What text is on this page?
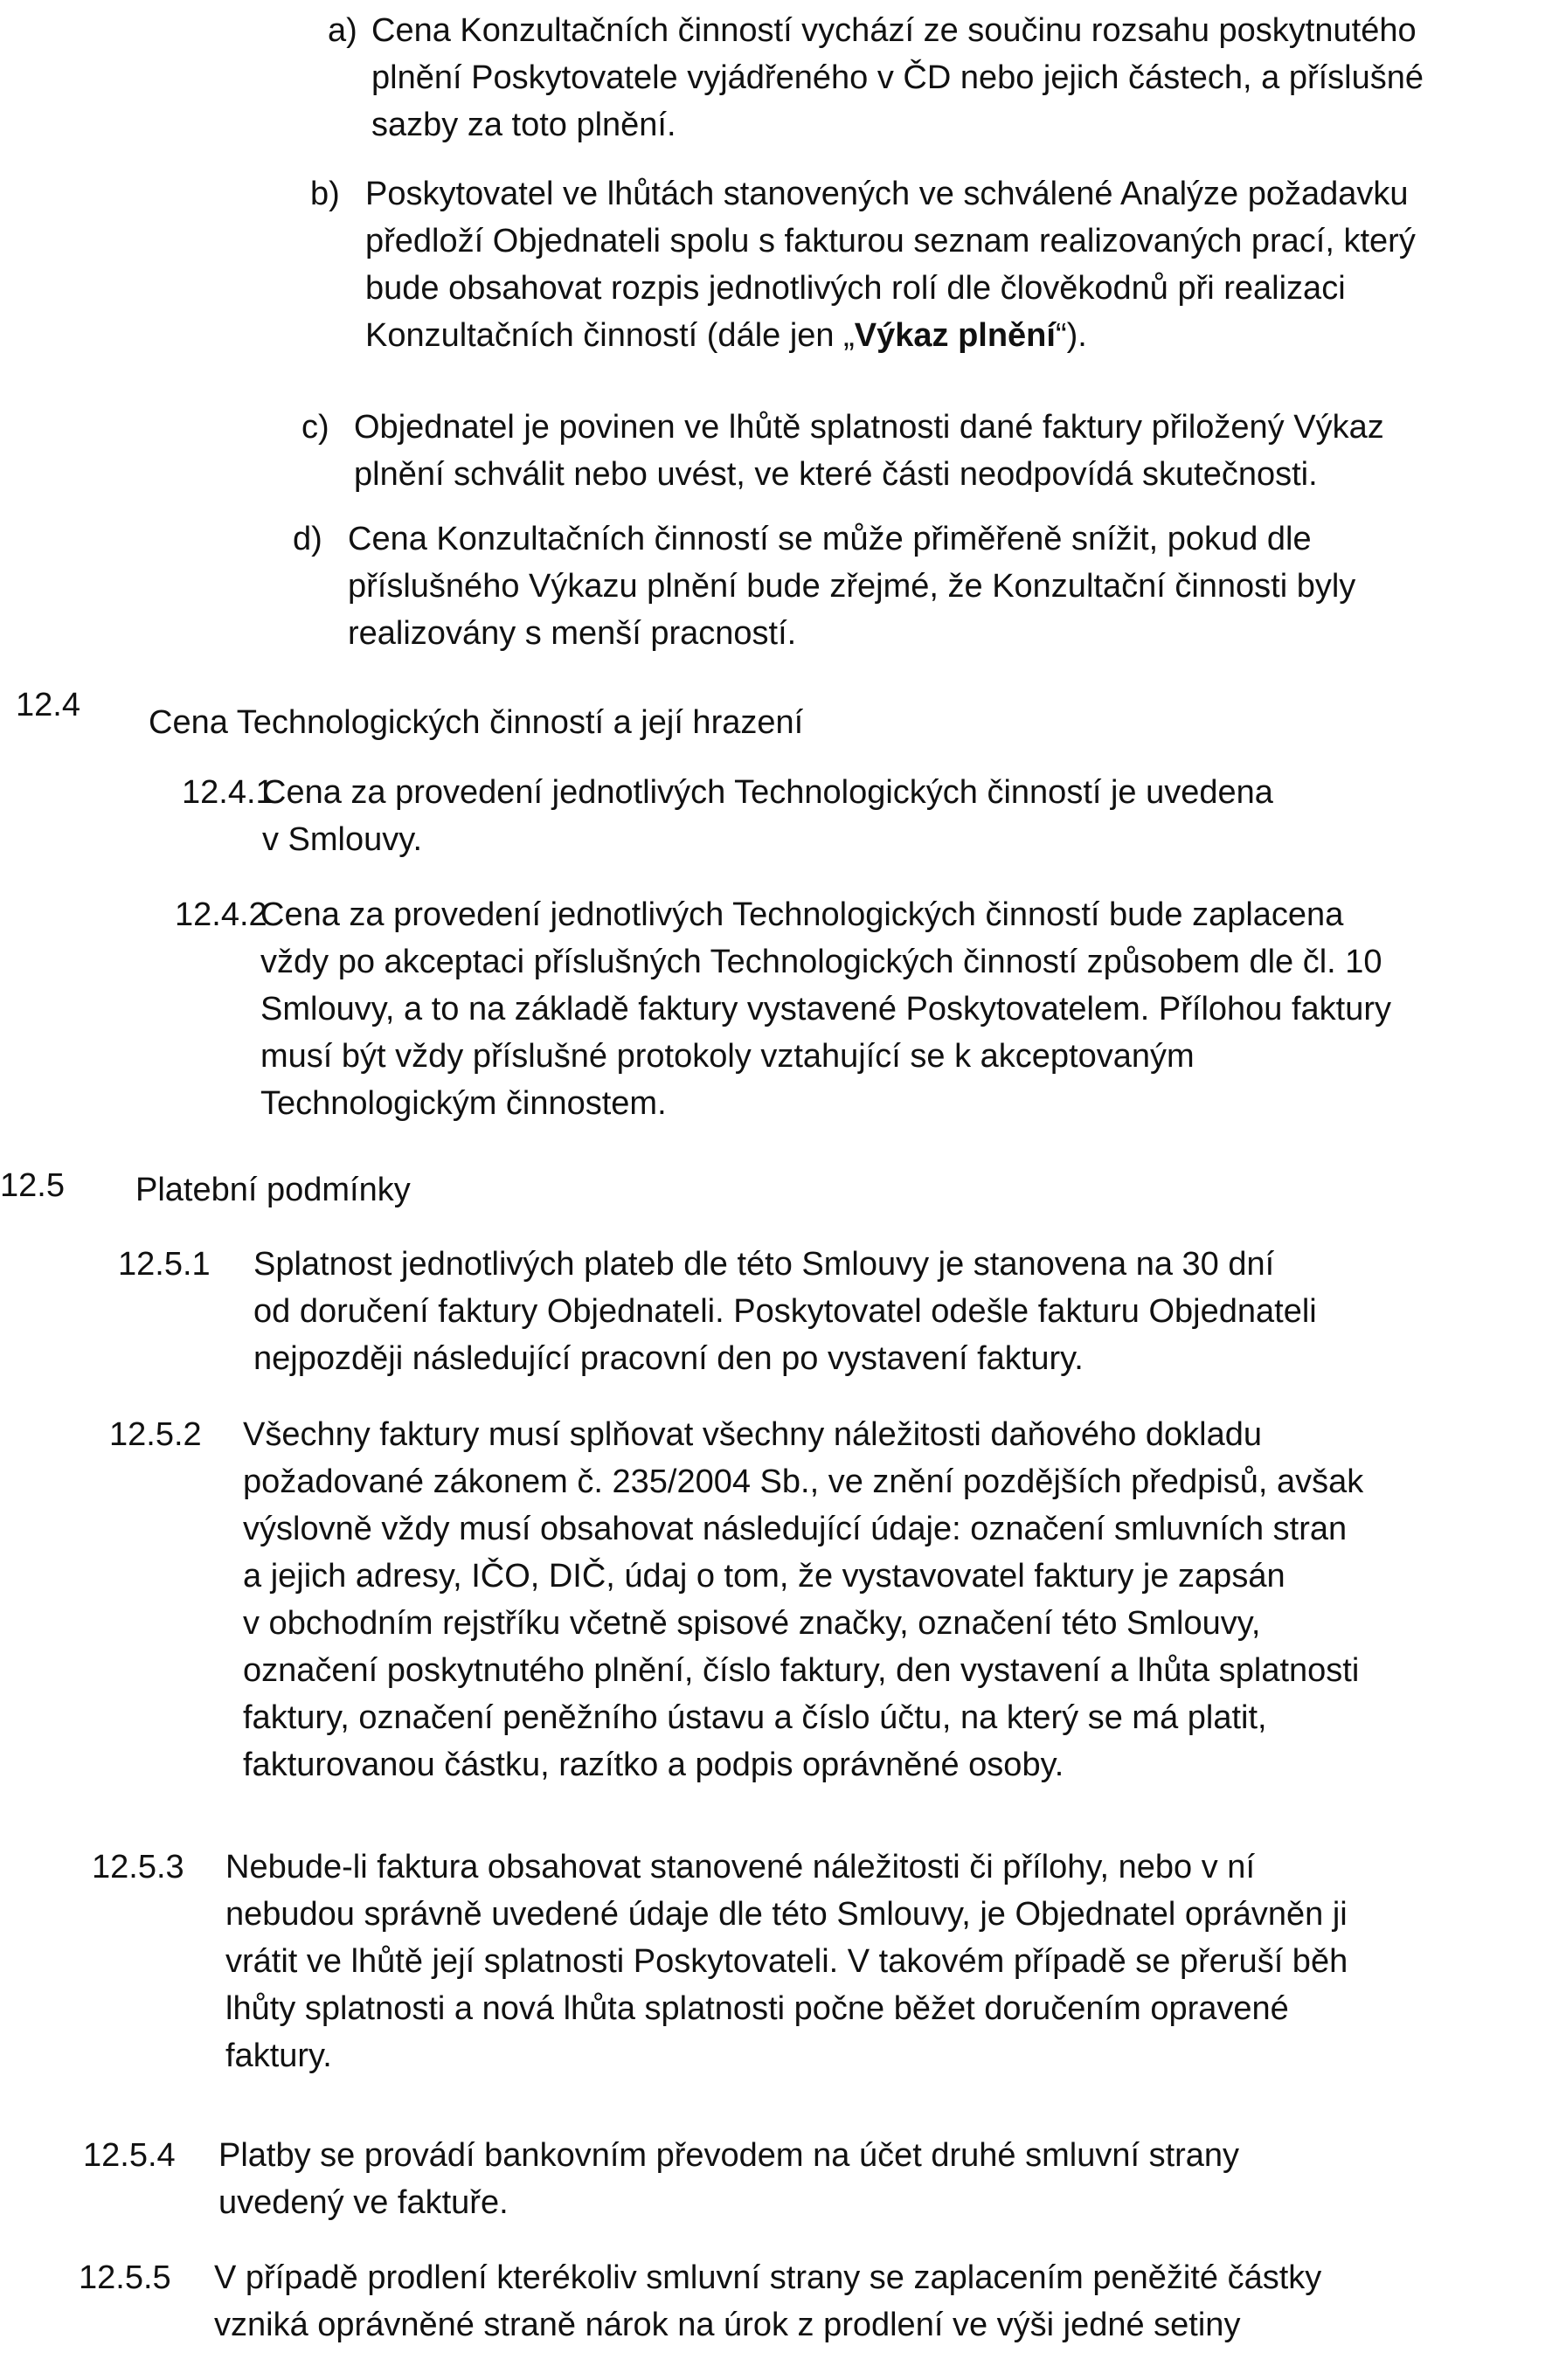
a) Cena Konzultačních činností vychází ze součinu rozsahu poskytnutého
plnění Poskytovatele vyjádřeného v ČD nebo jejich částech, a příslušné
sazby za toto plnění.
b) Poskytovatel ve lhůtách stanovených ve schválené Analýze požadavku
předloží Objednateli spolu s fakturou seznam realizovaných prací, který
bude obsahovat rozpis jednotlivých rolí dle člověkodnů při realizaci
Konzultačních činností (dále jen „Výkaz plnění“).
c) Objednatel je povinen ve lhůtě splatnosti dané faktury přiložený Výkaz
plnění schválit nebo uvést, ve které části neodpovídá skutečnosti.
d) Cena Konzultačních činností se může přiměřeně snížit, pokud dle
příslušného Výkazu plnění bude zřejmé, že Konzultační činnosti byly
realizovány s menší pracností.
12.4 Cena Technologických činností a její hrazení
12.4.1
Cena za provedení jednotlivých Technologických činností je uvedena
v Smlouvy.
12.4.2
Cena za provedení jednotlivých Technologických činností bude zaplacena
vždy po akceptaci příslušných Technologických činností způsobem dle čl. 10
Smlouvy, a to na základě faktury vystavené Poskytovatelem. Přílohou faktury
musí být vždy příslušné protokoly vztahující se k akceptovaným
Technologickým činnostem.
12.5 Platební podmínky
12.5.1 Splatnost jednotlivých plateb dle této Smlouvy je stanovena na 30 dní
od doručení faktury Objednateli. Poskytovatel odešle fakturu Objednateli
nejpozději následující pracovní den po vystavení faktury.
12.5.2 Všechny faktury musí splňovat všechny náležitosti daňového dokladu
požadované zákonem č. 235/2004 Sb., ve znění pozdějších předpisů, avšak
výslovně vždy musí obsahovat následující údaje: označení smluvních stran
a jejich adresy, IČO, DIČ, údaj o tom, že vystavovatel faktury je zapsán
v obchodním rejstříku včetně spisové značky, označení této Smlouvy,
označení poskytnutého plnění, číslo faktury, den vystavení a lhůta splatnosti
faktury, označení peněžního ústavu a číslo účtu, na který se má platit,
fakturovanou částku, razítko a podpis oprávněné osoby.
12.5.3 Nebude-li faktura obsahovat stanovené náležitosti či přílohy, nebo v ní
nebudou správně uvedené údaje dle této Smlouvy, je Objednatel oprávněn ji
vrátit ve lhůtě její splatnosti Poskytovateli. V takovém případě se přeruší běh
lhůty splatnosti a nová lhůta splatnosti počne běžet doručením opravené
faktury.
12.5.4 Platby se provádí bankovním převodem na účet druhé smluvní strany
uvedený ve faktuře.
12.5.5 V případě prodlení kterékoliv smluvní strany se zaplacením peněžité částky
vzniká oprávněné straně nárok na úrok z prodlení ve výši jedné setiny
